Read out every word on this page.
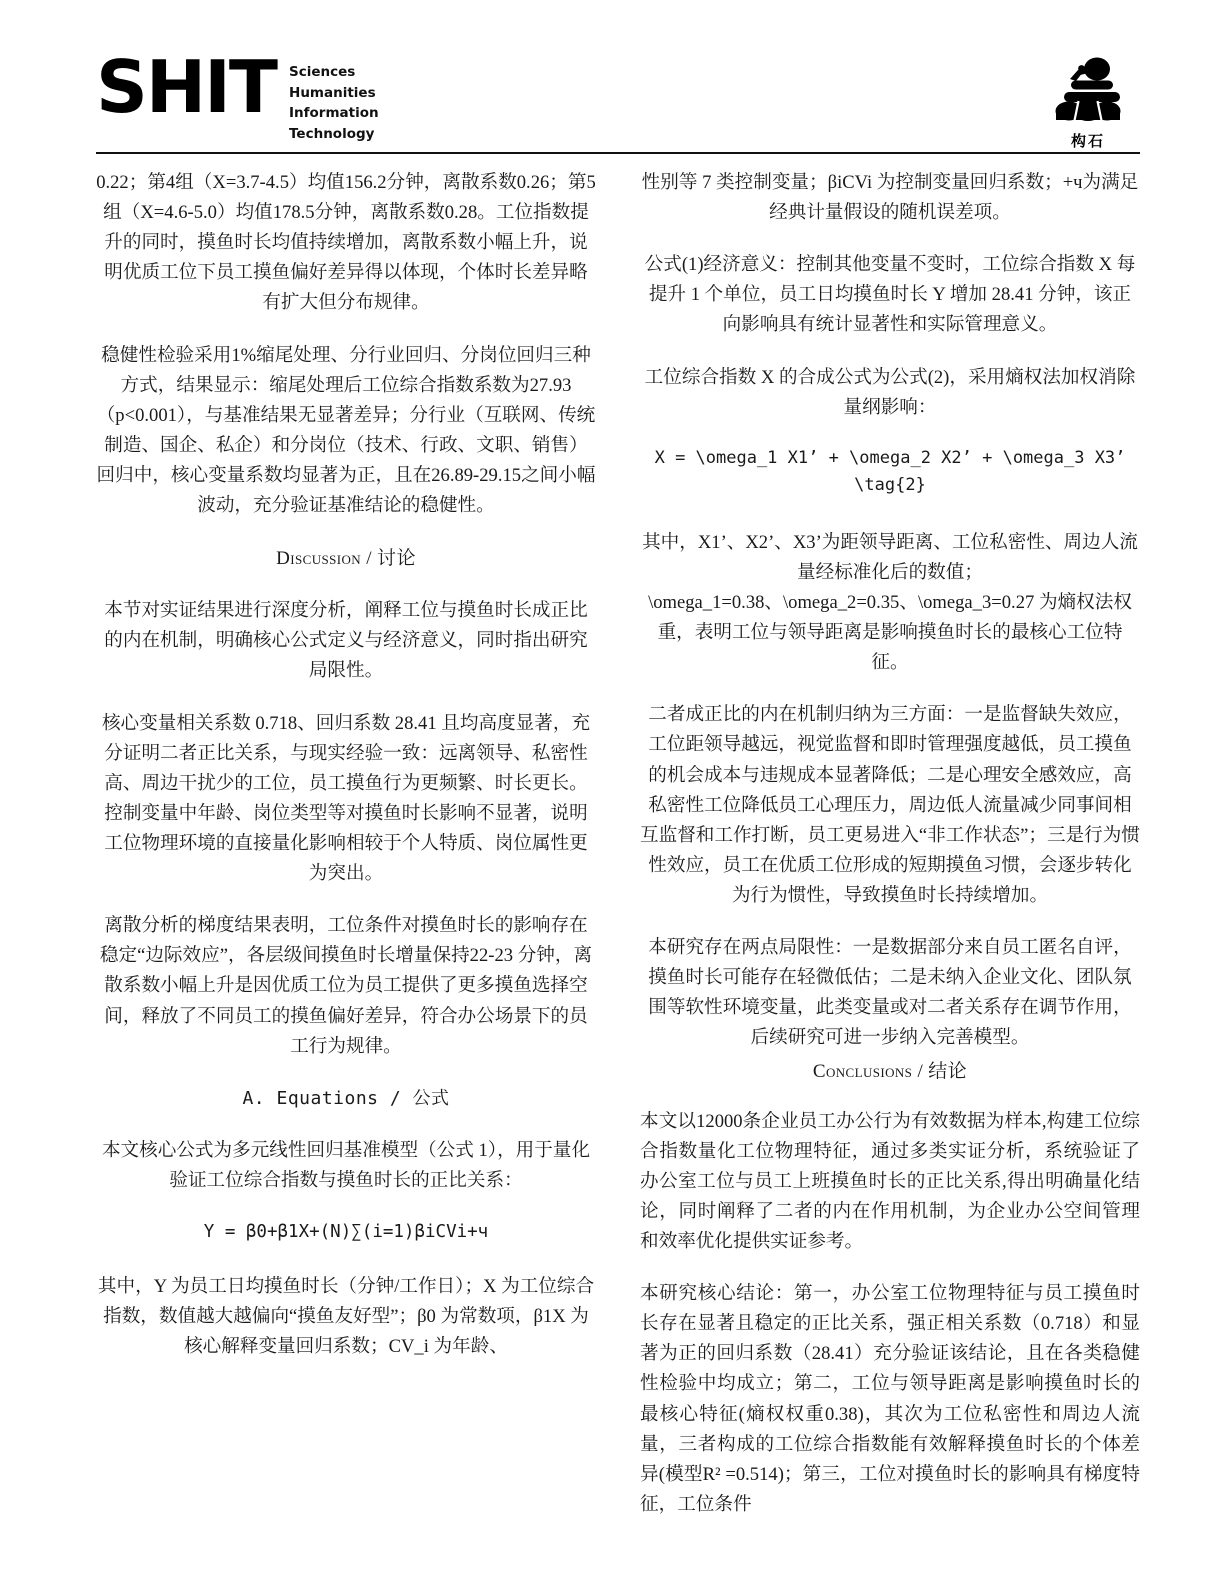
SHIT Sciences
Humanities
Information
Technology	构石

0.22；第4组（X=3.7-4.5）均值156.2分钟，离散系数0.26；第5组（X=4.6-5.0）均值178.5分钟，离散系数0.28。工位指数提升的同时，摸鱼时长均值持续增加，离散系数小幅上升，说明优质工位下员工摸鱼偏好差异得以体现，个体时长差异略有扩大但分布规律。

稳健性检验采用1%缩尾处理、分行业回归、分岗位回归三种方式，结果显示：缩尾处理后工位综合指数系数为27.93（p<0.001），与基准结果无显著差异；分行业（互联网、传统制造、国企、私企）和分岗位（技术、行政、文职、销售）回归中，核心变量系数均显著为正，且在26.89-29.15之间小幅波动，充分验证基准结论的稳健性。

Discussion / 讨论

本节对实证结果进行深度分析，阐释工位与摸鱼时长成正比的内在机制，明确核心公式定义与经济意义，同时指出研究局限性。

核心变量相关系数 0.718、回归系数 28.41 且均高度显著，充分证明二者正比关系，与现实经验一致：远离领导、私密性高、周边干扰少的工位，员工摸鱼行为更频繁、时长更长。控制变量中年龄、岗位类型等对摸鱼时长影响不显著，说明工位物理环境的直接量化影响相较于个人特质、岗位属性更为突出。

离散分析的梯度结果表明，工位条件对摸鱼时长的影响存在稳定“边际效应”，各层级间摸鱼时长增量保持22-23 分钟，离散系数小幅上升是因优质工位为员工提供了更多摸鱼选择空间，释放了不同员工的摸鱼偏好差异，符合办公场景下的员工行为规律。

A. Equations / 公式

本文核心公式为多元线性回归基准模型（公式 1），用于量化验证工位综合指数与摸鱼时长的正比关系：

Y = β0+β1X+(N)∑(i=1)βiCVi+ч

其中，Y 为员工日均摸鱼时长（分钟/工作日）；X 为工位综合指数，数值越大越偏向“摸鱼友好型”；β0 为常数项，β1X 为核心解释变量回归系数；CV_i 为年龄、

性别等 7 类控制变量；βiCVi 为控制变量回归系数；+ч为满足经典计量假设的随机误差项。

公式(1)经济意义：控制其他变量不变时，工位综合指数 X 每提升 1 个单位，员工日均摸鱼时长 Y 增加 28.41 分钟，该正向影响具有统计显著性和实际管理意义。

工位综合指数 X 的合成公式为公式(2)，采用熵权法加权消除量纲影响：

X = \omega_1 X1’ + \omega_2 X2’ + \omega_3 X3’
\tag{2}

其中，X1’、X2’、X3’为距领导距离、工位私密性、周边人流量经标准化后的数值；\omega_1=0.38、\omega_2=0.35、\omega_3=0.27 为熵权法权重，表明工位与领导距离是影响摸鱼时长的最核心工位特征。

二者成正比的内在机制归纳为三方面：一是监督缺失效应，工位距领导越远，视觉监督和即时管理强度越低，员工摸鱼的机会成本与违规成本显著降低；二是心理安全感效应，高私密性工位降低员工心理压力，周边低人流量减少同事间相互监督和工作打断，员工更易进入“非工作状态”；三是行为惯性效应，员工在优质工位形成的短期摸鱼习惯，会逐步转化为行为惯性，导致摸鱼时长持续增加。

本研究存在两点局限性：一是数据部分来自员工匿名自评，摸鱼时长可能存在轻微低估；二是未纳入企业文化、团队氛围等软性环境变量，此类变量或对二者关系存在调节作用，后续研究可进一步纳入完善模型。

Conclusions / 结论

本文以12000条企业员工办公行为有效数据为样本,构建工位综合指数量化工位物理特征，通过多类实证分析，系统验证了办公室工位与员工上班摸鱼时长的正比关系,得出明确量化结论，同时阐释了二者的内在作用机制，为企业办公空间管理和效率优化提供实证参考。

本研究核心结论：第一，办公室工位物理特征与员工摸鱼时长存在显著且稳定的正比关系，强正相关系数（0.718）和显著为正的回归系数（28.41）充分验证该结论，且在各类稳健性检验中均成立；第二，工位与领导距离是影响摸鱼时长的最核心特征(熵权权重0.38)，其次为工位私密性和周边人流量，三者构成的工位综合指数能有效解释摸鱼时长的个体差异(模型R² =0.514)；第三，工位对摸鱼时长的影响具有梯度特征，工位条件
